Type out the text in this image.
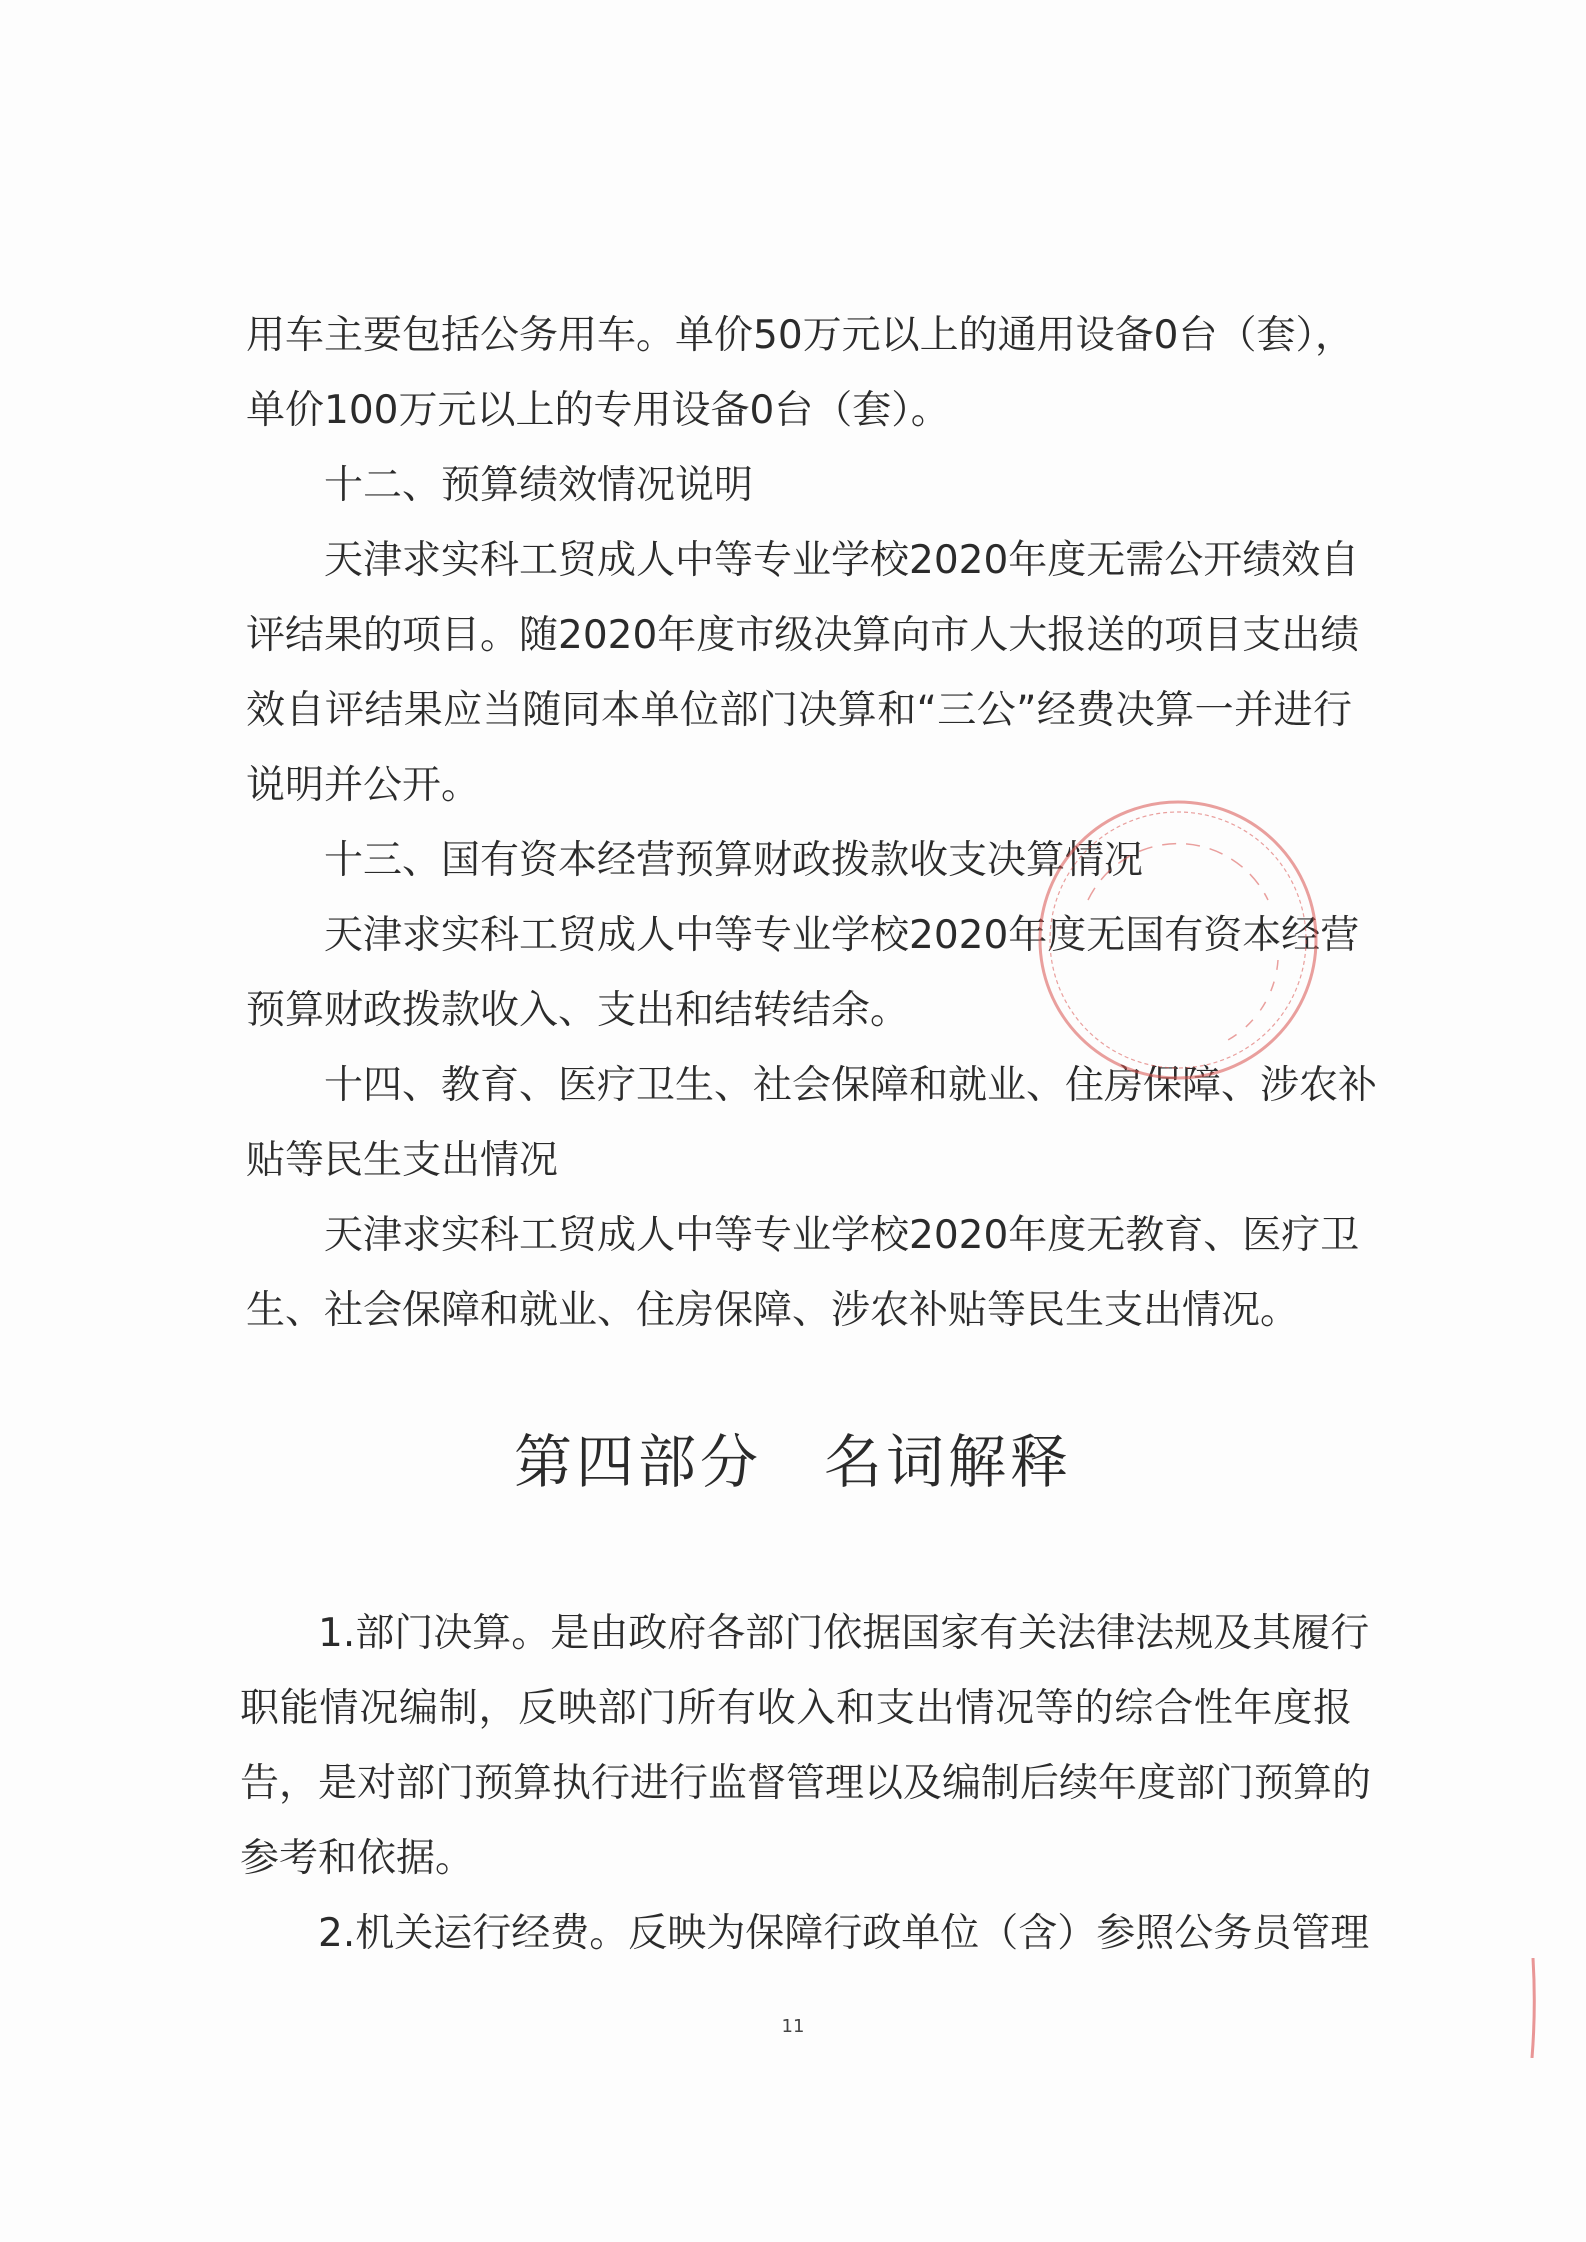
用车主要包括公务用车。单价50万元以上的通用设备0台（套），
单价100万元以上的专用设备0台（套）。
十二、预算绩效情况说明
天津求实科工贸成人中等专业学校2020年度无需公开绩效自
评结果的项目。随2020年度市级决算向市人大报送的项目支出绩
效自评结果应当随同本单位部门决算和“三公”经费决算一并进行
说明并公开。
十三、国有资本经营预算财政拨款收支决算情况
天津求实科工贸成人中等专业学校2020年度无国有资本经营
预算财政拨款收入、支出和结转结余。
十四、教育、医疗卫生、社会保障和就业、住房保障、涉农补
贴等民生支出情况
天津求实科工贸成人中等专业学校2020年度无教育、医疗卫
生、社会保障和就业、住房保障、涉农补贴等民生支出情况。
第四部分　名词解释
1.部门决算。是由政府各部门依据国家有关法律法规及其履行
职能情况编制，反映部门所有收入和支出情况等的综合性年度报
告，是对部门预算执行进行监督管理以及编制后续年度部门预算的
参考和依据。
2.机关运行经费。反映为保障行政单位（含）参照公务员管理
11
